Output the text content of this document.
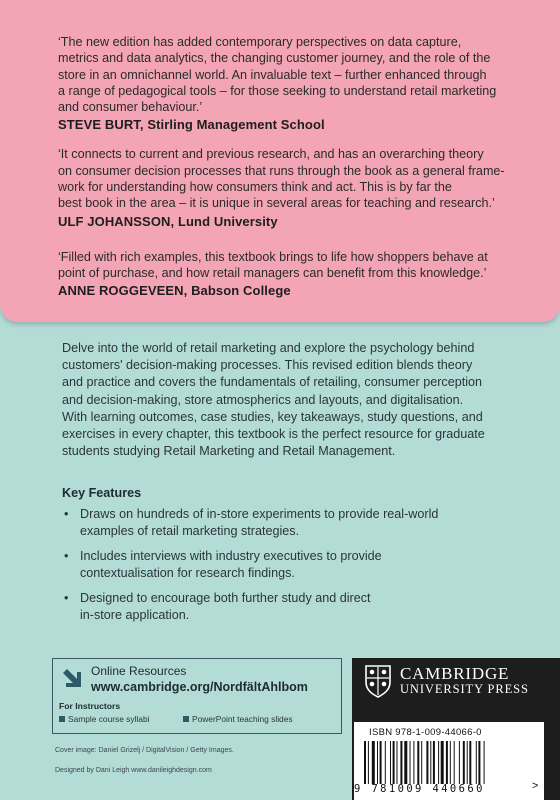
‘The new edition has added contemporary perspectives on data capture,
metrics and data analytics, the changing customer journey, and the role of the
store in an omnichannel world. An invaluable text – further enhanced through
a range of pedagogical tools – for those seeking to understand retail marketing
and consumer behaviour.’
STEVE BURT, Stirling Management School
‘It connects to current and previous research, and has an overarching theory
on consumer decision processes that runs through the book as a general frame-
work for understanding how consumers think and act. This is by far the
best book in the area – it is unique in several areas for teaching and research.’
ULF JOHANSSON, Lund University
‘Filled with rich examples, this textbook brings to life how shoppers behave at
point of purchase, and how retail managers can benefit from this knowledge.’
ANNE ROGGEVEEN, Babson College
Delve into the world of retail marketing and explore the psychology behind
customers' decision-making processes. This revised edition blends theory
and practice and covers the fundamentals of retailing, consumer perception
and decision-making, store atmospherics and layouts, and digitalisation.
With learning outcomes, case studies, key takeaways, study questions, and
exercises in every chapter, this textbook is the perfect resource for graduate
students studying Retail Marketing and Retail Management.
Key Features
• Draws on hundreds of in-store experiments to provide real-world
examples of retail marketing strategies.
• Includes interviews with industry executives to provide
contextualisation for research findings.
• Designed to encourage both further study and direct
in-store application.
Online Resources
www.cambridge.org/NordfältAhlbom
For Instructors
Sample course syllabi	PowerPoint teaching slides
Cover image: Daniel Grizelj / DigitalVision / Getty Images.
Designed by Dani Leigh www.danileighdesign.com
CAMBRIDGE
UNIVERSITY PRESS
ISBN 978-1-009-44066-0
9 781009 440660	>
